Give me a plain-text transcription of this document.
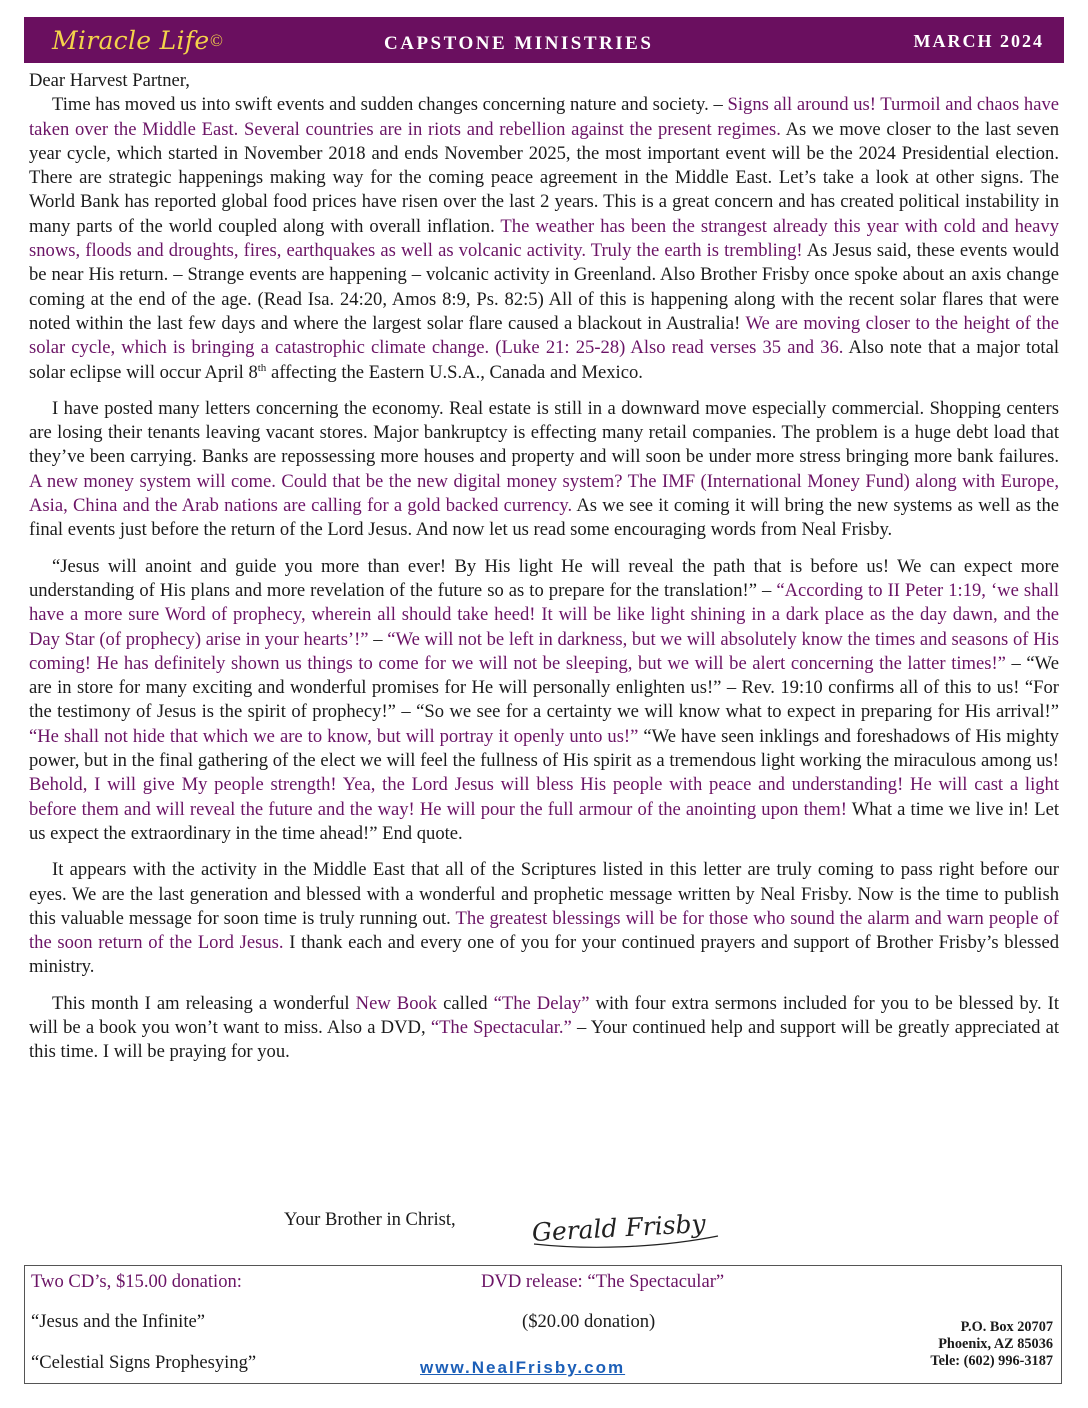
Miracle Life ©	CAPSTONE MINISTRIES	MARCH 2024

Dear Harvest Partner,

Time has moved us into swift events and sudden changes concerning nature and society. – Signs all around us! Turmoil and chaos have taken over the Middle East. Several countries are in riots and rebellion against the present regimes. As we move closer to the last seven year cycle, which started in November 2018 and ends November 2025, the most important event will be the 2024 Presidential election. There are strategic happenings making way for the coming peace agreement in the Middle East. Let’s take a look at other signs. The World Bank has reported global food prices have risen over the last 2 years. This is a great concern and has created political instability in many parts of the world coupled along with overall inflation. The weather has been the strangest already this year with cold and heavy snows, floods and droughts, fires, earthquakes as well as volcanic activity. Truly the earth is trembling! As Jesus said, these events would be near His return. – Strange events are happening – volcanic activity in Greenland. Also Brother Frisby once spoke about an axis change coming at the end of the age. (Read Isa. 24:20, Amos 8:9, Ps. 82:5) All of this is happening along with the recent solar flares that were noted within the last few days and where the largest solar flare caused a blackout in Australia! We are moving closer to the height of the solar cycle, which is bringing a catastrophic climate change. (Luke 21: 25-28) Also read verses 35 and 36. Also note that a major total solar eclipse will occur April 8th affecting the Eastern U.S.A., Canada and Mexico.

I have posted many letters concerning the economy. Real estate is still in a downward move especially commercial. Shopping centers are losing their tenants leaving vacant stores. Major bankruptcy is effecting many retail companies. The problem is a huge debt load that they’ve been carrying. Banks are repossessing more houses and property and will soon be under more stress bringing more bank failures. A new money system will come. Could that be the new digital money system? The IMF (International Money Fund) along with Europe, Asia, China and the Arab nations are calling for a gold backed currency. As we see it coming it will bring the new systems as well as the final events just before the return of the Lord Jesus. And now let us read some encouraging words from Neal Frisby.

“Jesus will anoint and guide you more than ever! By His light He will reveal the path that is before us! We can expect more understanding of His plans and more revelation of the future so as to prepare for the translation!” – “According to II Peter 1:19, ‘we shall have a more sure Word of prophecy, wherein all should take heed! It will be like light shining in a dark place as the day dawn, and the Day Star (of prophecy) arise in your hearts’!” – “We will not be left in darkness, but we will absolutely know the times and seasons of His coming! He has definitely shown us things to come for we will not be sleeping, but we will be alert concerning the latter times!” – “We are in store for many exciting and wonderful promises for He will personally enlighten us!” – Rev. 19:10 confirms all of this to us! “For the testimony of Jesus is the spirit of prophecy!” – “So we see for a certainty we will know what to expect in preparing for His arrival!” “He shall not hide that which we are to know, but will portray it openly unto us!” “We have seen inklings and foreshadows of His mighty power, but in the final gathering of the elect we will feel the fullness of His spirit as a tremendous light working the miraculous among us! Behold, I will give My people strength! Yea, the Lord Jesus will bless His people with peace and understanding! He will cast a light before them and will reveal the future and the way! He will pour the full armour of the anointing upon them! What a time we live in! Let us expect the extraordinary in the time ahead!” End quote.

It appears with the activity in the Middle East that all of the Scriptures listed in this letter are truly coming to pass right before our eyes. We are the last generation and blessed with a wonderful and prophetic message written by Neal Frisby. Now is the time to publish this valuable message for soon time is truly running out. The greatest blessings will be for those who sound the alarm and warn people of the soon return of the Lord Jesus. I thank each and every one of you for your continued prayers and support of Brother Frisby’s blessed ministry.

This month I am releasing a wonderful New Book called “The Delay” with four extra sermons included for you to be blessed by. It will be a book you won’t want to miss. Also a DVD, “The Spectacular.” – Your continued help and support will be greatly appreciated at this time. I will be praying for you.

Your Brother in Christ,	Gerald Frisby
Two CD’s, $15.00 donation:
“Jesus and the Infinite”
“Celestial Signs Prophesying”
DVD release: “The Spectacular”
($20.00 donation)
www.NealFrisby.com
P.O. Box 20707
Phoenix, AZ 85036
Tele: (602) 996-3187
